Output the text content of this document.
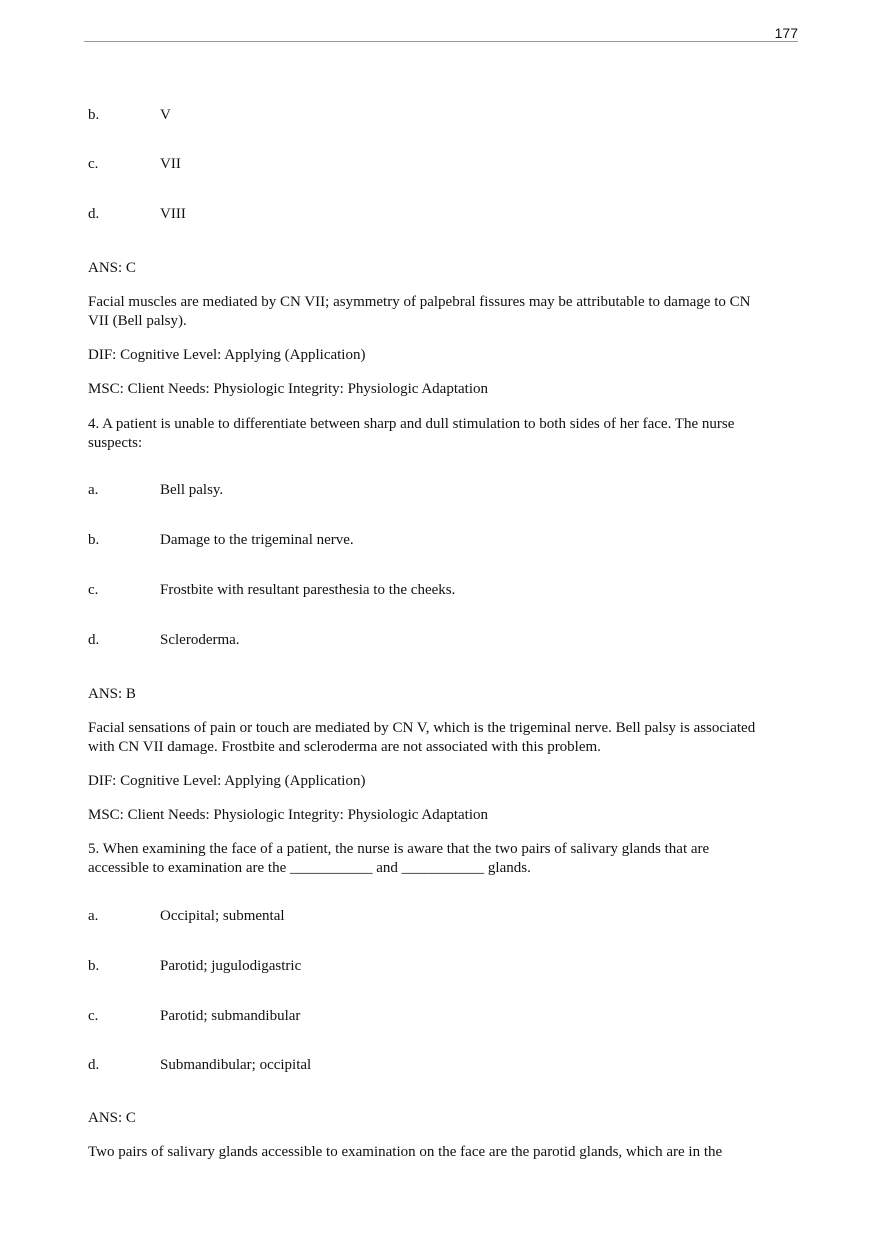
177
b.	V
c.	VII
d.	VIII
ANS: C
Facial muscles are mediated by CN VII; asymmetry of palpebral fissures may be attributable to damage to CN
VII (Bell palsy).
DIF: Cognitive Level: Applying (Application)
MSC: Client Needs: Physiologic Integrity: Physiologic Adaptation
4. A patient is unable to differentiate between sharp and dull stimulation to both sides of her face. The nurse
suspects:
a.	Bell palsy.
b.	Damage to the trigeminal nerve.
c.	Frostbite with resultant paresthesia to the cheeks.
d.	Scleroderma.
ANS: B
Facial sensations of pain or touch are mediated by CN V, which is the trigeminal nerve. Bell palsy is associated
with CN VII damage. Frostbite and scleroderma are not associated with this problem.
DIF: Cognitive Level: Applying (Application)
MSC: Client Needs: Physiologic Integrity: Physiologic Adaptation
5. When examining the face of a patient, the nurse is aware that the two pairs of salivary glands that are
accessible to examination are the ___________ and ___________ glands.
a.	Occipital; submental
b.	Parotid; jugulodigastric
c.	Parotid; submandibular
d.	Submandibular; occipital
ANS: C
Two pairs of salivary glands accessible to examination on the face are the parotid glands, which are in the
